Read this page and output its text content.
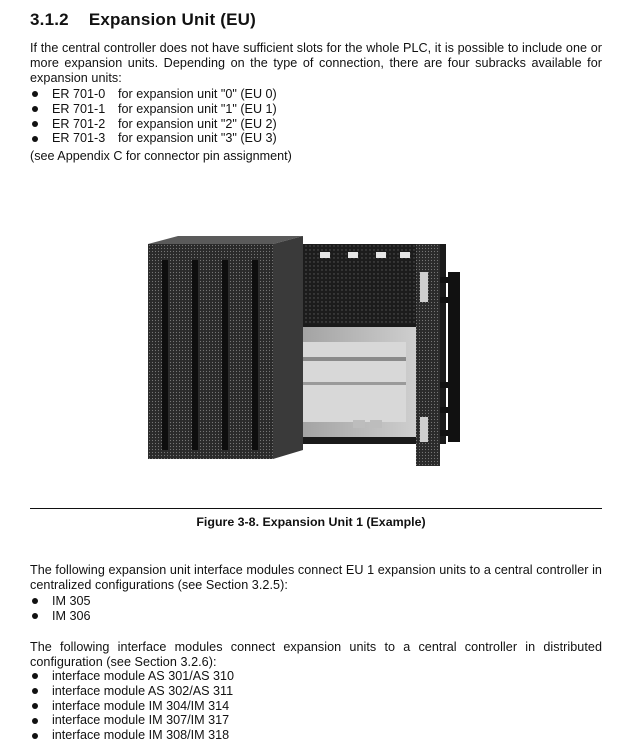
3.1.2 Expansion Unit (EU)
If the central controller does not have sufficient slots for the whole PLC, it is possible to include one or more expansion units. Depending on the type of connection, there are four subracks available for expansion units:
ER 701-0	for expansion unit "0" (EU 0)
ER 701-1	for expansion unit "1" (EU 1)
ER 701-2	for expansion unit "2" (EU 2)
ER 701-3	for expansion unit "3" (EU 3)
(see Appendix C for connector pin assignment)
Figure 3-8. Expansion Unit 1 (Example)
The following expansion unit interface modules connect EU 1 expansion units to a central controller in centralized configurations (see Section 3.2.5):
IM 305
IM 306
The following interface modules connect expansion units to a central controller in distributed configuration (see Section 3.2.6):
interface module AS 301/AS 310
interface module AS 302/AS 311
interface module IM 304/IM 314
interface module IM 307/IM 317
interface module IM 308/IM 318
